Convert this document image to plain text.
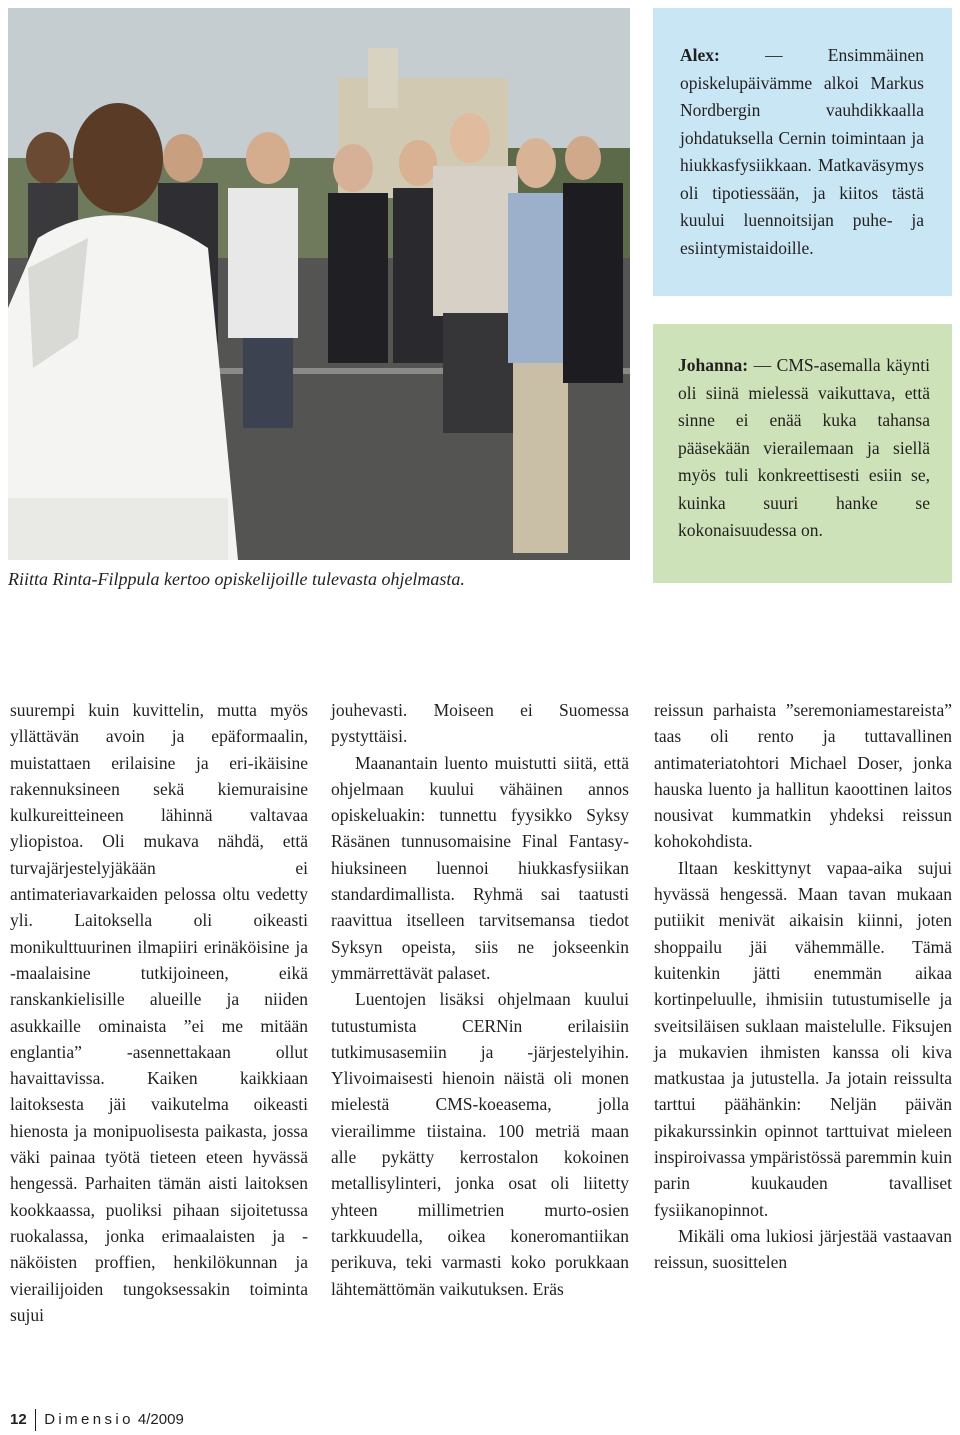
Riitta Rinta-Filppula kertoo opiskelijoille tulevasta ohjelmasta.
Alex:	— Ensimmäinen opiskelupäivämme alkoi Markus Nordbergin vauhdikkaalla johdatuksella Cernin toimintaan ja hiukkasfysiikkaan. Matkaväsymys oli tipotiessään, ja kiitos tästä kuului luennoitsijan puhe- ja esiintymistaidoille.
Johanna: — CMS-asemalla käynti oli siinä mielessä vaikuttava, että sinne ei enää kuka tahansa pääsekään vierailemaan ja siellä myös tuli konkreettisesti esiin se, kuinka suuri hanke se kokonaisuudessa on.

suurempi kuin kuvittelin, mutta myös yllättävän avoin ja epäformaalin, muistattaen erilaisine ja eri-ikäisine rakennuksineen sekä kiemuraisine kulkureitteineen lähinnä valtavaa yliopistoa. Oli mukava nähdä, että turvajärjestelyjäkään ei antimateriavarkaiden pelossa oltu vedetty yli. Laitoksella oli oikeasti monikulttuurinen ilmapiiri erinäköisine ja -maalaisine tutkijoineen, eikä ranskankielisille alueille ja niiden asukkaille ominaista ”ei me mitään englantia” -asennettakaan ollut havaittavissa. Kaiken kaikkiaan laitoksesta jäi vaikutelma oikeasti hienosta ja monipuolisesta paikasta, jossa väki painaa työtä tieteen eteen hyvässä hengessä. Parhaiten tämän aisti laitoksen kookkaassa, puoliksi pihaan sijoitetussa ruokalassa, jonka erimaalaisten ja -näköisten proffien, henkilökunnan ja vierailijoiden tungoksessakin toiminta sujui

jouhevasti. Moiseen ei Suomessa pystyttäisi.

Maanantain luento muistutti siitä, että ohjelmaan kuului vähäinen annos opiskeluakin: tunnettu fyysikko Syksy Räsänen tunnusomaisine Final Fantasy-hiuksineen luennoi hiukkasfysiikan standardimallista. Ryhmä sai taatusti raavittua itselleen tarvitsemansa tiedot Syksyn opeista, siis ne jokseenkin ymmärrettävät palaset.

Luentojen lisäksi ohjelmaan kuului tutustumista CERNin erilaisiin tutkimusasemiin ja -järjestelyihin. Ylivoimaisesti hienoin näistä oli monen mielestä CMS-koeasema, jolla vierailimme tiistaina. 100 metriä maan alle pykätty kerrostalon kokoinen metallisylinteri, jonka osat oli liitetty yhteen millimetrien murto-osien tarkkuudella, oikea koneromantiikan perikuva, teki varmasti koko porukkaan lähtemättömän vaikutuksen. Eräs

reissun parhaista ”seremoniamestareista” taas oli rento ja tuttavallinen antimateriatohtori Michael Doser, jonka hauska luento ja hallitun kaoottinen laitos nousivat kummatkin yhdeksi reissun kohokohdista.

Iltaan keskittynyt vapaa-aika sujui hyvässä hengessä. Maan tavan mukaan putiikit menivät aikaisin kiinni, joten shoppailu jäi vähemmälle. Tämä kuitenkin jätti enemmän aikaa kortinpeluulle, ihmisiin tutustumiselle ja sveitsiläisen suklaan maistelulle. Fiksujen ja mukavien ihmisten kanssa oli kiva matkustaa ja jutustella. Ja jotain reissulta tarttui päähänkin: Neljän päivän pikakurssinkin opinnot tarttuivat mieleen inspiroivassa ympäristössä paremmin kuin parin kuukauden tavalliset fysiikanopinnot.

Mikäli oma lukiosi järjestää vastaavan reissun, suosittelen

12 Dimensio 4/2009
